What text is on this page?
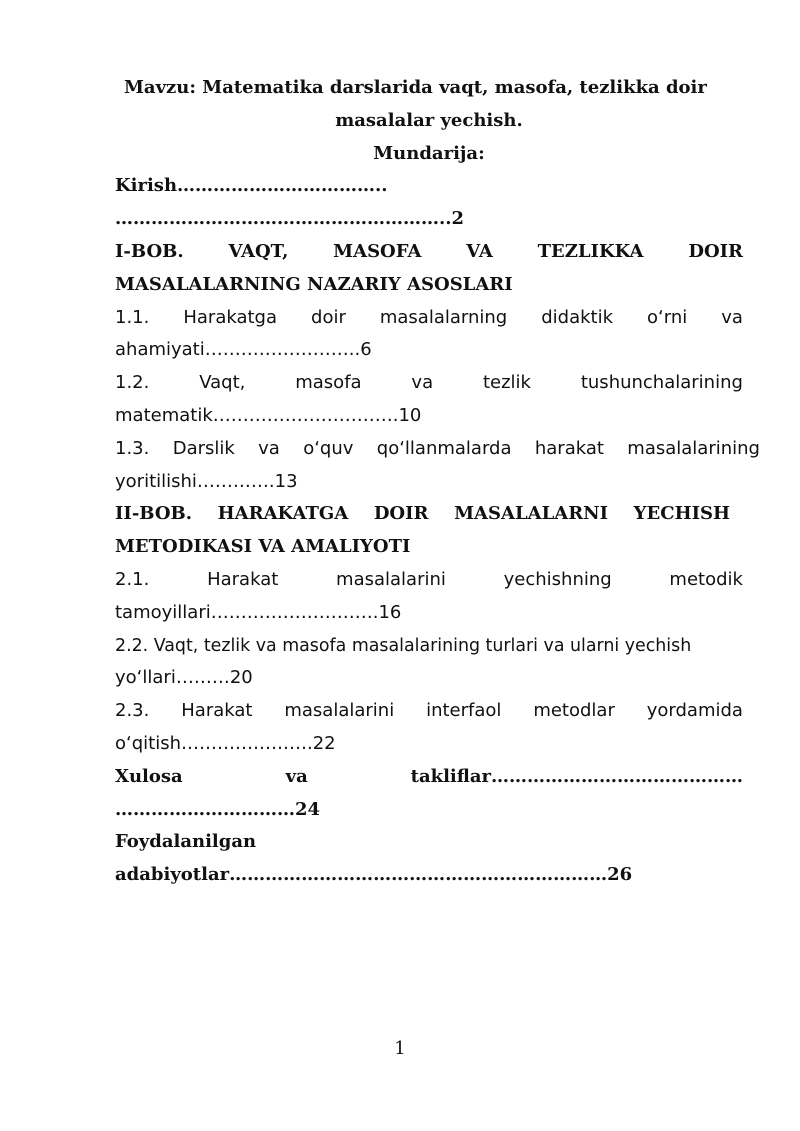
Mavzu: Matematika darslarida vaqt, masofa, tezlikka doir
masalalar yechish.
Mundarija:
Kirish……………………………..
………………………………………………..2
I-BOB. VAQT, MASOFA VA TEZLIKKA DOIR
MASALALARNING NAZARIY ASOSLARI
1.1. Harakatga doir masalalarning didaktik o‘rni va
ahamiyati……………………..6
1.2.	Vaqt,	masofa	va	tezlik	tushunchalarining
matematik………………………….10
1.3. Darslik va o‘quv qo‘llanmalarda harakat masalalarining
yoritilishi………….13
II-BOB. HARAKATGA DOIR MASALALARNI YECHISH
METODIKASI VA AMALIYOTI
2.1.	Harakat	masalalarini	yechishning	metodik
tamoyillari……………………….16
2.2. Vaqt, tezlik va masofa masalalarining turlari va ularni yechish
yo‘llari………20
2.3. Harakat masalalarini interfaol metodlar yordamida
o‘qitish………………….22
Xulosa	va	takliflar……………………………………
…………………………24
Foydalanilgan
adabiyotlar………………………………………………………26
1
